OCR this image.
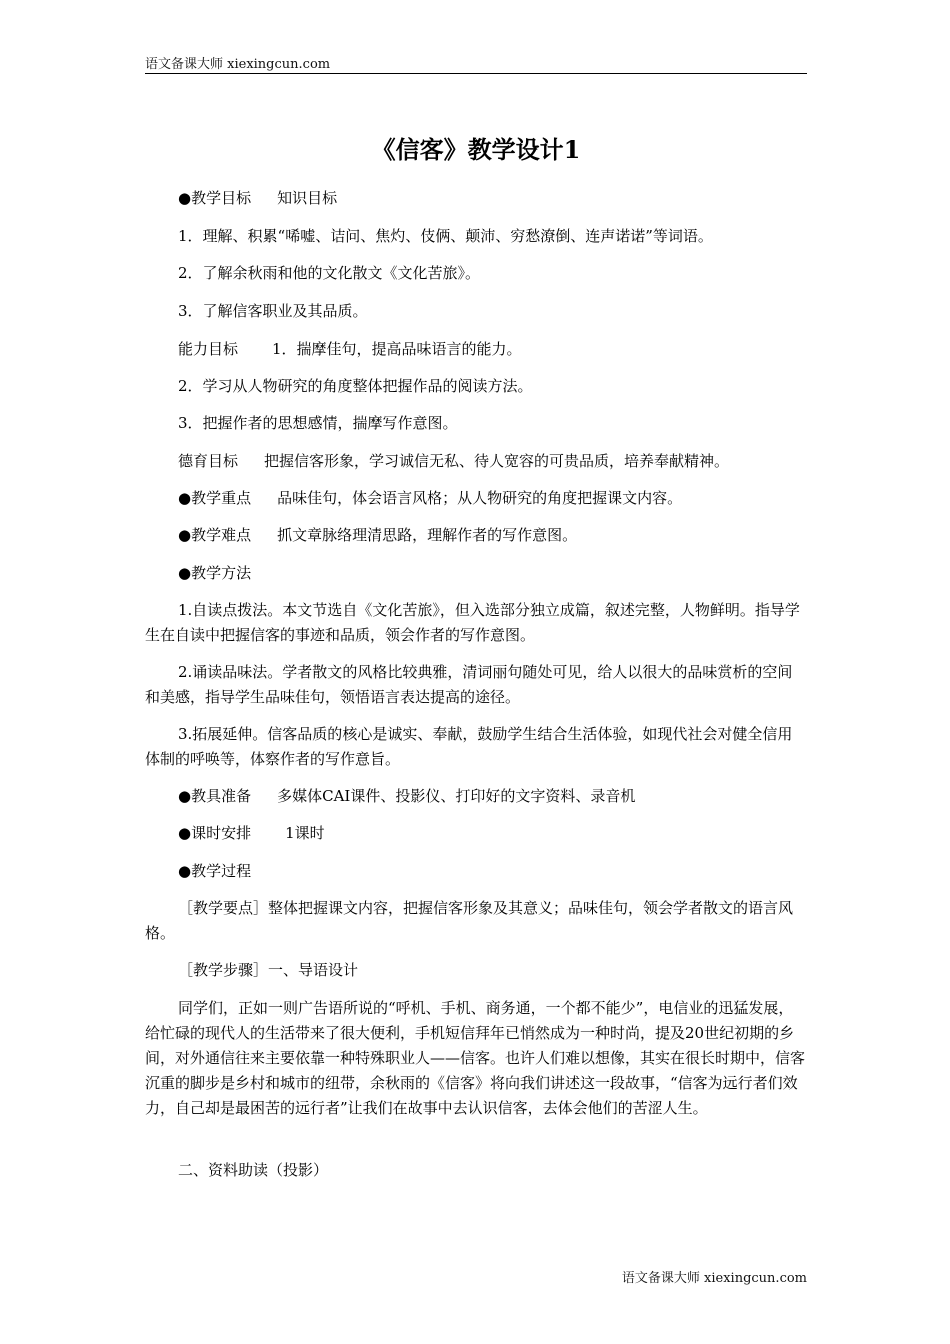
语文备课大师 xiexingcun.com
《信客》教学设计1

●教学目标 知识目标

1．理解、积累“唏嘘、诘问、焦灼、伎俩、颠沛、穷愁潦倒、连声诺诺”等词语。

2．了解余秋雨和他的文化散文《文化苦旅》。

3．了解信客职业及其品质。

能力目标 1．揣摩佳句，提高品味语言的能力。

2．学习从人物研究的角度整体把握作品的阅读方法。

3．把握作者的思想感情，揣摩写作意图。

德育目标 把握信客形象，学习诚信无私、待人宽容的可贵品质，培养奉献精神。

●教学重点 品味佳句，体会语言风格；从人物研究的角度把握课文内容。

●教学难点 抓文章脉络理清思路，理解作者的写作意图。

●教学方法

1.自读点拨法。本文节选自《文化苦旅》，但入选部分独立成篇，叙述完整，人物鲜明。指导学生在自读中把握信客的事迹和品质，领会作者的写作意图。

2.诵读品味法。学者散文的风格比较典雅，清词丽句随处可见，给人以很大的品味赏析的空间和美感，指导学生品味佳句，领悟语言表达提高的途径。

3.拓展延伸。信客品质的核心是诚实、奉献，鼓励学生结合生活体验，如现代社会对健全信用体制的呼唤等，体察作者的写作意旨。

●教具准备 多媒体CAI课件、投影仪、打印好的文字资料、录音机

●课时安排 1课时

●教学过程

［教学要点］整体把握课文内容，把握信客形象及其意义；品味佳句，领会学者散文的语言风格。

［教学步骤］一、导语设计

同学们，正如一则广告语所说的“呼机、手机、商务通，一个都不能少”，电信业的迅猛发展，给忙碌的现代人的生活带来了很大便利，手机短信拜年已悄然成为一种时尚，提及20世纪初期的乡间，对外通信往来主要依靠一种特殊职业人——信客。也许人们难以想像，其实在很长时期中，信客沉重的脚步是乡村和城市的纽带，余秋雨的《信客》将向我们讲述这一段故事，“信客为远行者们效力，自己却是最困苦的远行者”让我们在故事中去认识信客，去体会他们的苦涩人生。

二、资料助读（投影）

语文备课大师 xiexingcun.com
